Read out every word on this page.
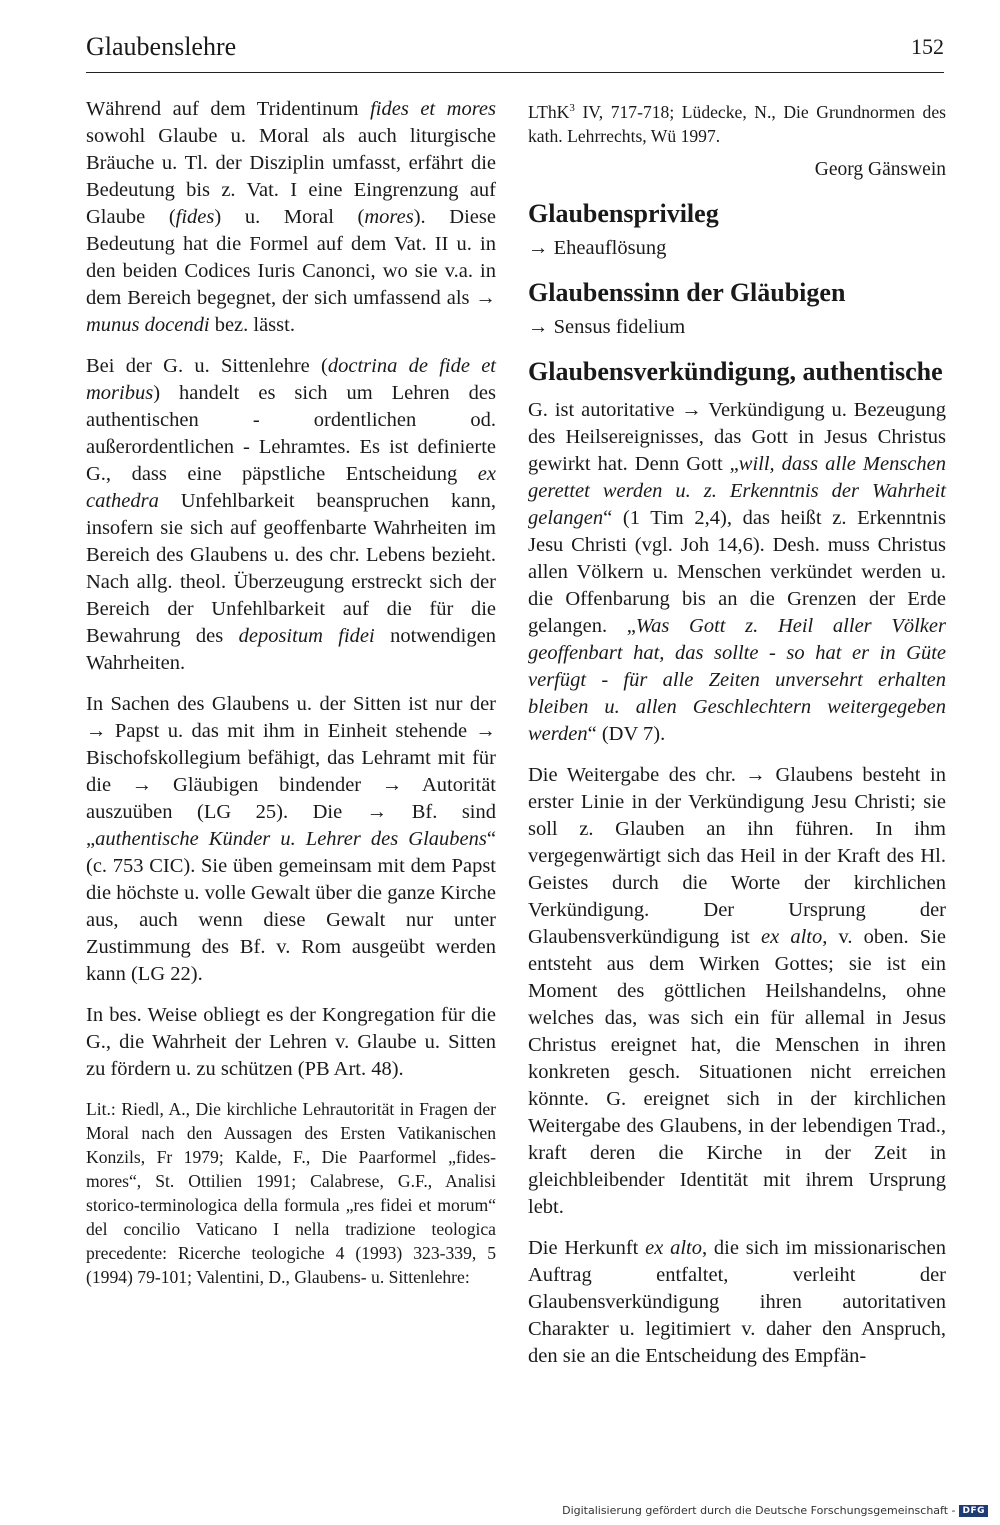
Glaubenslehre	152

Während auf dem Tridentinum fides et mores sowohl Glaube u. Moral als auch liturgische Bräuche u. Tl. der Disziplin umfasst, erfährt die Bedeutung bis z. Vat. I eine Eingrenzung auf Glaube (fides) u. Moral (mores). Diese Bedeutung hat die Formel auf dem Vat. II u. in den beiden Codices Iuris Canonci, wo sie v.a. in dem Bereich begegnet, der sich umfassend als → munus docendi bez. lässt.

Bei der G. u. Sittenlehre (doctrina de fide et moribus) handelt es sich um Lehren des authentischen - ordentlichen od. außerordentlichen - Lehramtes. Es ist definierte G., dass eine päpstliche Entscheidung ex cathedra Unfehlbarkeit beanspruchen kann, insofern sie sich auf geoffenbarte Wahrheiten im Bereich des Glaubens u. des chr. Lebens bezieht. Nach allg. theol. Überzeugung erstreckt sich der Bereich der Unfehlbarkeit auf die für die Bewahrung des depositum fidei notwendigen Wahrheiten.

In Sachen des Glaubens u. der Sitten ist nur der → Papst u. das mit ihm in Einheit stehende → Bischofskollegium befähigt, das Lehramt mit für die → Gläubigen bindender → Autorität auszuüben (LG 25). Die → Bf. sind „authentische Künder u. Lehrer des Glaubens“ (c. 753 CIC). Sie üben gemeinsam mit dem Papst die höchste u. volle Gewalt über die ganze Kirche aus, auch wenn diese Gewalt nur unter Zustimmung des Bf. v. Rom ausgeübt werden kann (LG 22).

In bes. Weise obliegt es der Kongregation für die G., die Wahrheit der Lehren v. Glaube u. Sitten zu fördern u. zu schützen (PB Art. 48).

Lit.: Riedl, A., Die kirchliche Lehrautorität in Fragen der Moral nach den Aussagen des Ersten Vatikanischen Konzils, Fr 1979; Kalde, F., Die Paarformel „fides-mores“, St. Ottilien 1991; Calabrese, G.F., Analisi storico-terminologica della formula „res fidei et morum“ del concilio Vaticano I nella tradizione teologica precedente: Ricerche teologiche 4 (1993) 323-339, 5 (1994) 79-101; Valentini, D., Glaubens- u. Sittenlehre:

LThK$^3$ IV, 717-718; Lüdecke, N., Die Grundnormen des kath. Lehrrechts, Wü 1997.

Georg Gänswein

Glaubensprivileg

→ Eheauflösung

Glaubenssinn der Gläubigen

→ Sensus fidelium

Glaubensverkündigung, authentische

G. ist autoritative → Verkündigung u. Bezeugung des Heilsereignisses, das Gott in Jesus Christus gewirkt hat. Denn Gott „will, dass alle Menschen gerettet werden u. z. Erkenntnis der Wahrheit gelangen“ (1 Tim 2,4), das heißt z. Erkenntnis Jesu Christi (vgl. Joh 14,6). Desh. muss Christus allen Völkern u. Menschen verkündet werden u. die Offenbarung bis an die Grenzen der Erde gelangen. „Was Gott z. Heil aller Völker geoffenbart hat, das sollte - so hat er in Güte verfügt - für alle Zeiten unversehrt erhalten bleiben u. allen Geschlechtern weitergegeben werden“ (DV 7).

Die Weitergabe des chr. → Glaubens besteht in erster Linie in der Verkündigung Jesu Christi; sie soll z. Glauben an ihn führen. In ihm vergegenwärtigt sich das Heil in der Kraft des Hl. Geistes durch die Worte der kirchlichen Verkündigung. Der Ursprung der Glaubensverkündigung ist ex alto, v. oben. Sie entsteht aus dem Wirken Gottes; sie ist ein Moment des göttlichen Heilshandelns, ohne welches das, was sich ein für allemal in Jesus Christus ereignet hat, die Menschen in ihren konkreten gesch. Situationen nicht erreichen könnte. G. ereignet sich in der kirchlichen Weitergabe des Glaubens, in der lebendigen Trad., kraft deren die Kirche in der Zeit in gleichbleibender Identität mit ihrem Ursprung lebt.

Die Herkunft ex alto, die sich im missionarischen Auftrag entfaltet, verleiht der Glaubensverkündigung ihren autoritativen Charakter u. legitimiert v. daher den Anspruch, den sie an die Entscheidung des Empfän-

Digitalisierung gefördert durch die Deutsche Forschungsgemeinschaft - DFG
